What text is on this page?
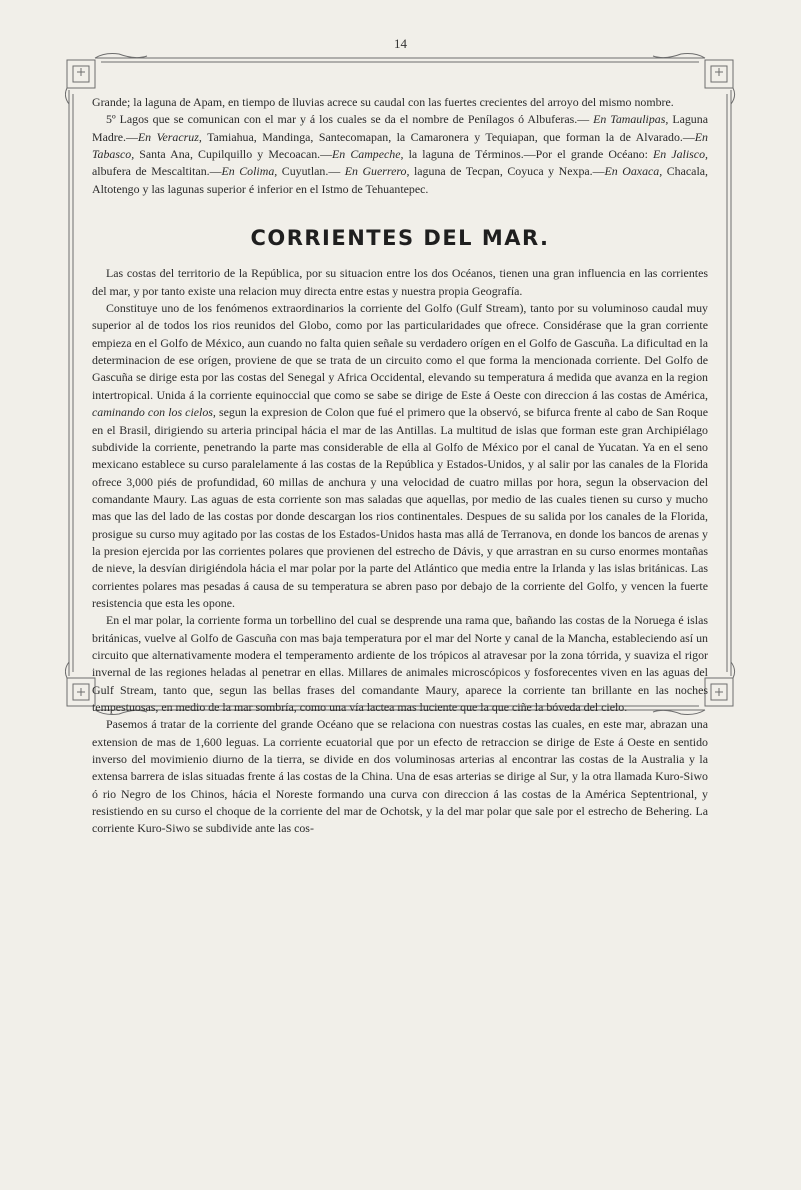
14

Grande; la laguna de Apam, en tiempo de lluvias acrece su caudal con las fuertes crecientes del arroyo del mismo nombre.

5º Lagos que se comunican con el mar y á los cuales se da el nombre de Penílagos ó Albuferas.— En Tamaulipas, Laguna Madre.—En Veracruz, Tamiahua, Mandinga, Santecomapan, la Camaronera y Tequiapan, que forman la de Alvarado.—En Tabasco, Santa Ana, Cupilquillo y Mecoacan.—En Campeche, la laguna de Términos.—Por el grande Océano: En Jalisco, albufera de Mescaltitan.—En Colima, Cuyutlan.— En Guerrero, laguna de Tecpan, Coyuca y Nexpa.—En Oaxaca, Chacala, Altotengo y las lagunas superior é inferior en el Istmo de Tehuantepec.

CORRIENTES DEL MAR.

Las costas del territorio de la República, por su situacion entre los dos Océanos, tienen una gran influencia en las corrientes del mar, y por tanto existe una relacion muy directa entre estas y nuestra propia Geografía.

Constituye uno de los fenómenos extraordinarios la corriente del Golfo (Gulf Stream), tanto por su voluminoso caudal muy superior al de todos los rios reunidos del Globo, como por las particularidades que ofrece. Considérase que la gran corriente empieza en el Golfo de México, aun cuando no falta quien señale su verdadero orígen en el Golfo de Gascuña. La dificultad en la determinacion de ese orígen, proviene de que se trata de un circuito como el que forma la mencionada corriente. Del Golfo de Gascuña se dirige esta por las costas del Senegal y Africa Occidental, elevando su temperatura á medida que avanza en la region intertropical. Unida á la corriente equinoccial que como se sabe se dirige de Este á Oeste con direccion á las costas de América, caminando con los cielos, segun la expresion de Colon que fué el primero que la observó, se bifurca frente al cabo de San Roque en el Brasil, dirigiendo su arteria principal hácia el mar de las Antillas. La multitud de islas que forman este gran Archipiélago subdivide la corriente, penetrando la parte mas considerable de ella al Golfo de México por el canal de Yucatan. Ya en el seno mexicano establece su curso paralelamente á las costas de la República y Estados-Unidos, y al salir por las canales de la Florida ofrece 3,000 piés de profundidad, 60 millas de anchura y una velocidad de cuatro millas por hora, segun la observacion del comandante Maury. Las aguas de esta corriente son mas saladas que aquellas, por medio de las cuales tienen su curso y mucho mas que las del lado de las costas por donde descargan los rios continentales. Despues de su salida por los canales de la Florida, prosigue su curso muy agitado por las costas de los Estados-Unidos hasta mas allá de Terranova, en donde los bancos de arenas y la presion ejercida por las corrientes polares que provienen del estrecho de Dávis, y que arrastran en su curso enormes montañas de nieve, la desvían dirigiéndola hácia el mar polar por la parte del Atlántico que media entre la Irlanda y las islas británicas. Las corrientes polares mas pesadas á causa de su temperatura se abren paso por debajo de la corriente del Golfo, y vencen la fuerte resistencia que esta les opone.

En el mar polar, la corriente forma un torbellino del cual se desprende una rama que, bañando las costas de la Noruega é islas británicas, vuelve al Golfo de Gascuña con mas baja temperatura por el mar del Norte y canal de la Mancha, estableciendo así un circuito que alternativamente modera el temperamento ardiente de los trópicos al atravesar por la zona tórrida, y suaviza el rigor invernal de las regiones heladas al penetrar en ellas. Millares de animales microscópicos y fosforecentes viven en las aguas del Gulf Stream, tanto que, segun las bellas frases del comandante Maury, aparece la corriente tan brillante en las noches tempestuosas, en medio de la mar sombría, como una vía lactea mas luciente que la que ciñe la bóveda del cielo.

Pasemos á tratar de la corriente del grande Océano que se relaciona con nuestras costas las cuales, en este mar, abrazan una extension de mas de 1,600 leguas. La corriente ecuatorial que por un efecto de retraccion se dirige de Este á Oeste en sentido inverso del movimienio diurno de la tierra, se divide en dos voluminosas arterias al encontrar las costas de la Australia y la extensa barrera de islas situadas frente á las costas de la China. Una de esas arterias se dirige al Sur, y la otra llamada Kuro-Siwo ó rio Negro de los Chinos, hácia el Noreste formando una curva con direccion á las costas de la América Septentrional, y resistiendo en su curso el choque de la corriente del mar de Ochotsk, y la del mar polar que sale por el estrecho de Behering. La corriente Kuro-Siwo se subdivide ante las cos-
